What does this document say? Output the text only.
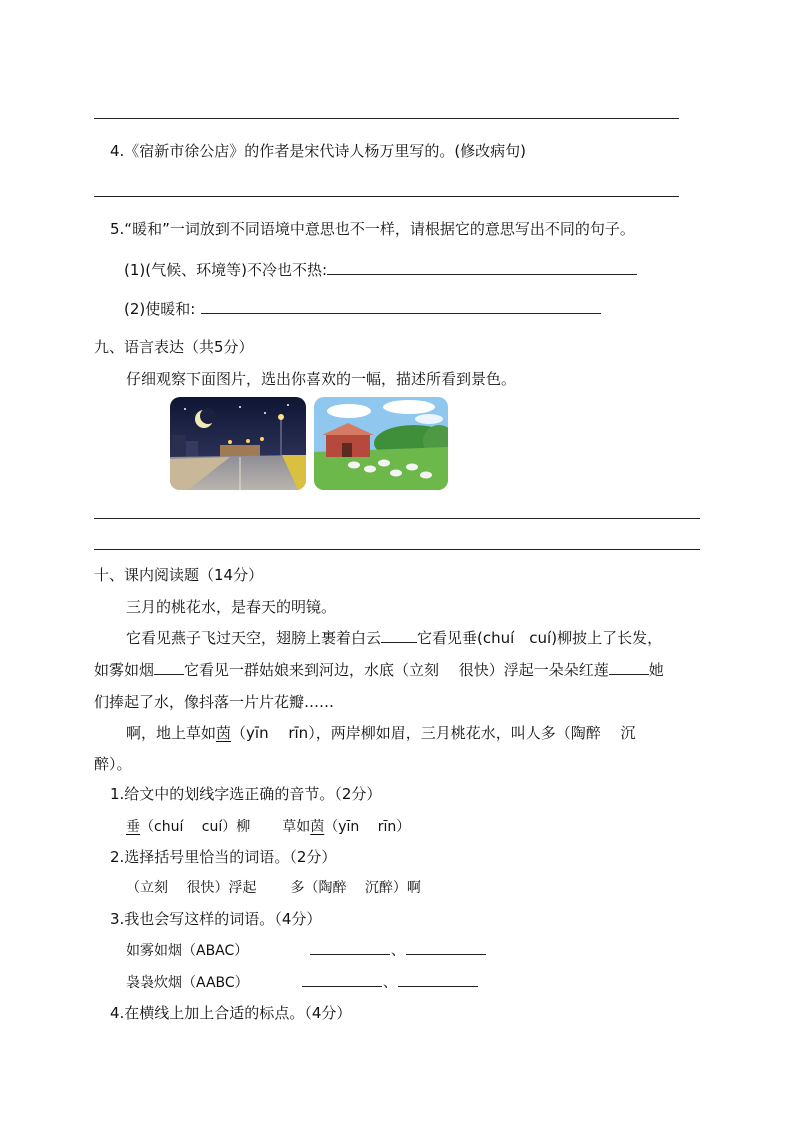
4.《宿新市徐公店》的作者是宋代诗人杨万里写的。(修改病句)
5.“暖和”一词放到不同语境中意思也不一样，请根据它的意思写出不同的句子。
(1)(气候、环境等)不冷也不热:
(2)使暖和:
九、语言表达（共5分）
仔细观察下面图片，选出你喜欢的一幅，描述所看到景色。
十、课内阅读题（14分）
三月的桃花水，是春天的明镜。
它看见燕子飞过天空，翅膀上裹着白云 它看见垂(chuí　cuí)柳披上了长发，
如雾如烟 它看见一群姑娘来到河边，水底（立刻　 很快）浮起一朵朵红莲	她
们捧起了水，像抖落一片片花瓣……
啊，地上草如茵（yīn　 rīn），两岸柳如眉，三月桃花水，叫人多（陶醉　 沉
醉）。
1.给文中的划线字选正确的音节。（2分）
垂（chuí　 cuí）柳 草如茵（yīn　 rīn）
2.选择括号里恰当的词语。（2分）
（立刻　 很快）浮起 多（陶醉　 沉醉）啊
3.我也会写这样的词语。（4分）
如雾如烟（ABAC）	、
袅袅炊烟（AABC）	、
4.在横线上加上合适的标点。（4分）
